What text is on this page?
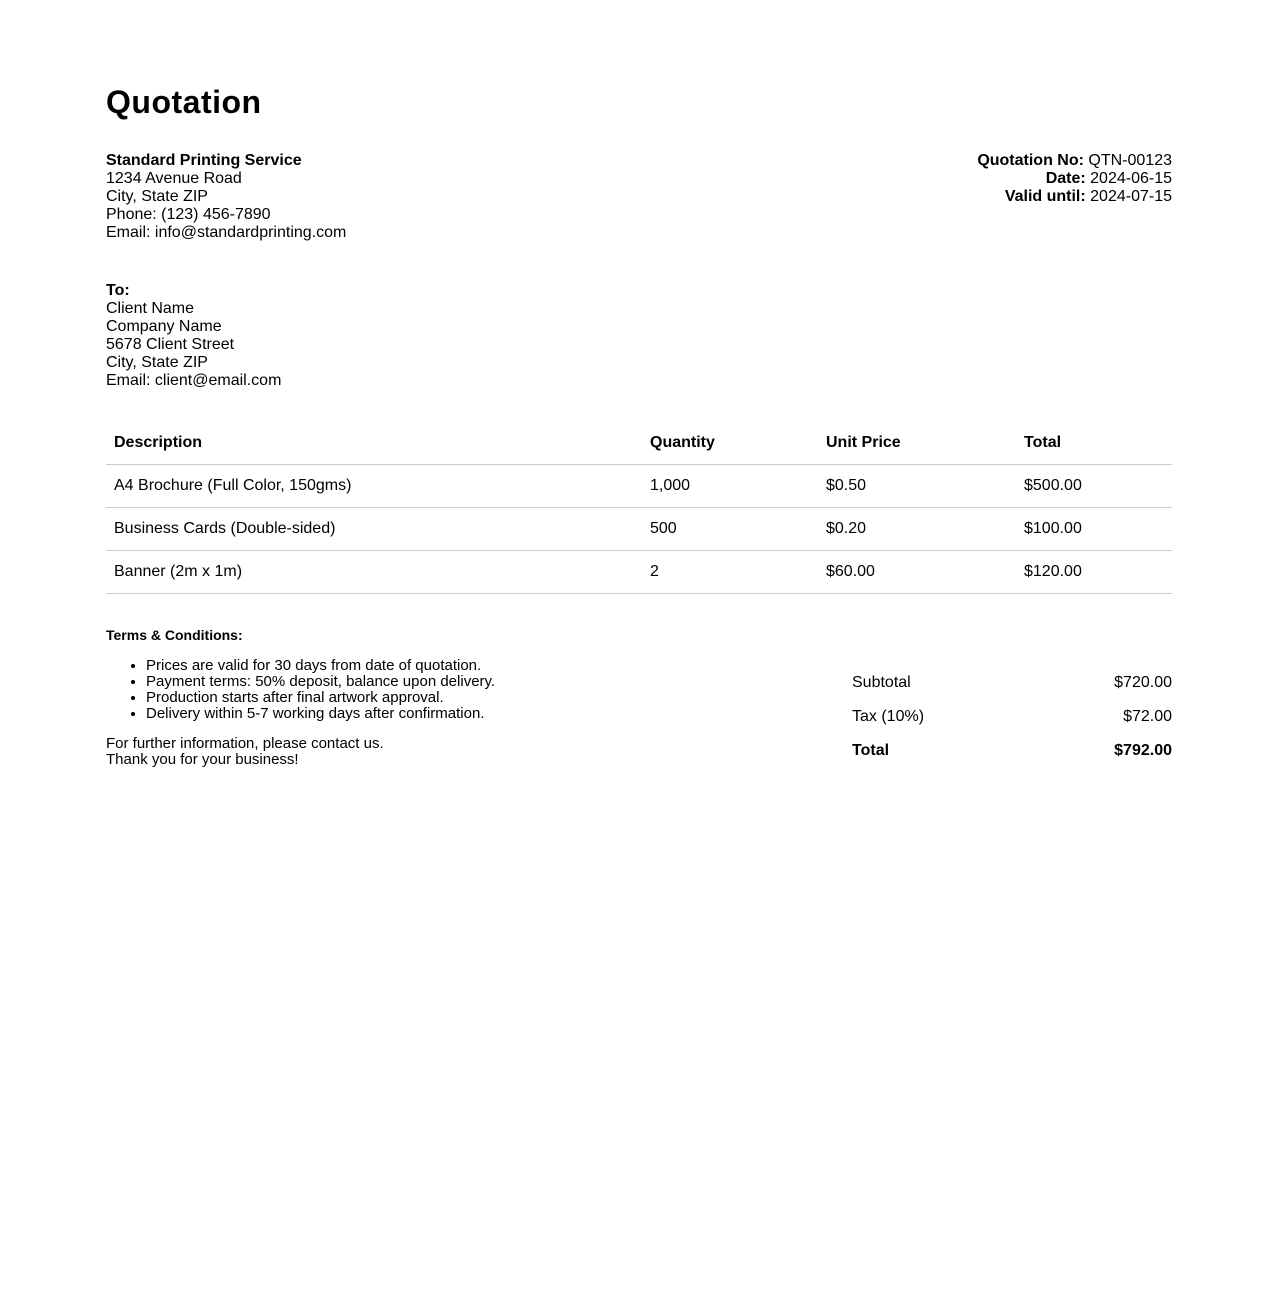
Quotation
Standard Printing Service
1234 Avenue Road
City, State ZIP
Phone: (123) 456-7890
Email: info@standardprinting.com
Quotation No: QTN-00123
Date: 2024-06-15
Valid until: 2024-07-15
To:
Client Name
Company Name
5678 Client Street
City, State ZIP
Email: client@email.com
Description	Quantity	Unit Price	Total
A4 Brochure (Full Color, 150gms)	1,000	$0.50	$500.00
Business Cards (Double-sided)	500	$0.20	$100.00
Banner (2m x 1m)	2	$60.00	$120.00
Terms & Conditions:
• Prices are valid for 30 days from date of quotation.
• Payment terms: 50% deposit, balance upon delivery.
• Production starts after final artwork approval.
• Delivery within 5-7 working days after confirmation.
For further information, please contact us.
Thank you for your business!
Subtotal	$720.00
Tax (10%)	$72.00
Total	$792.00
